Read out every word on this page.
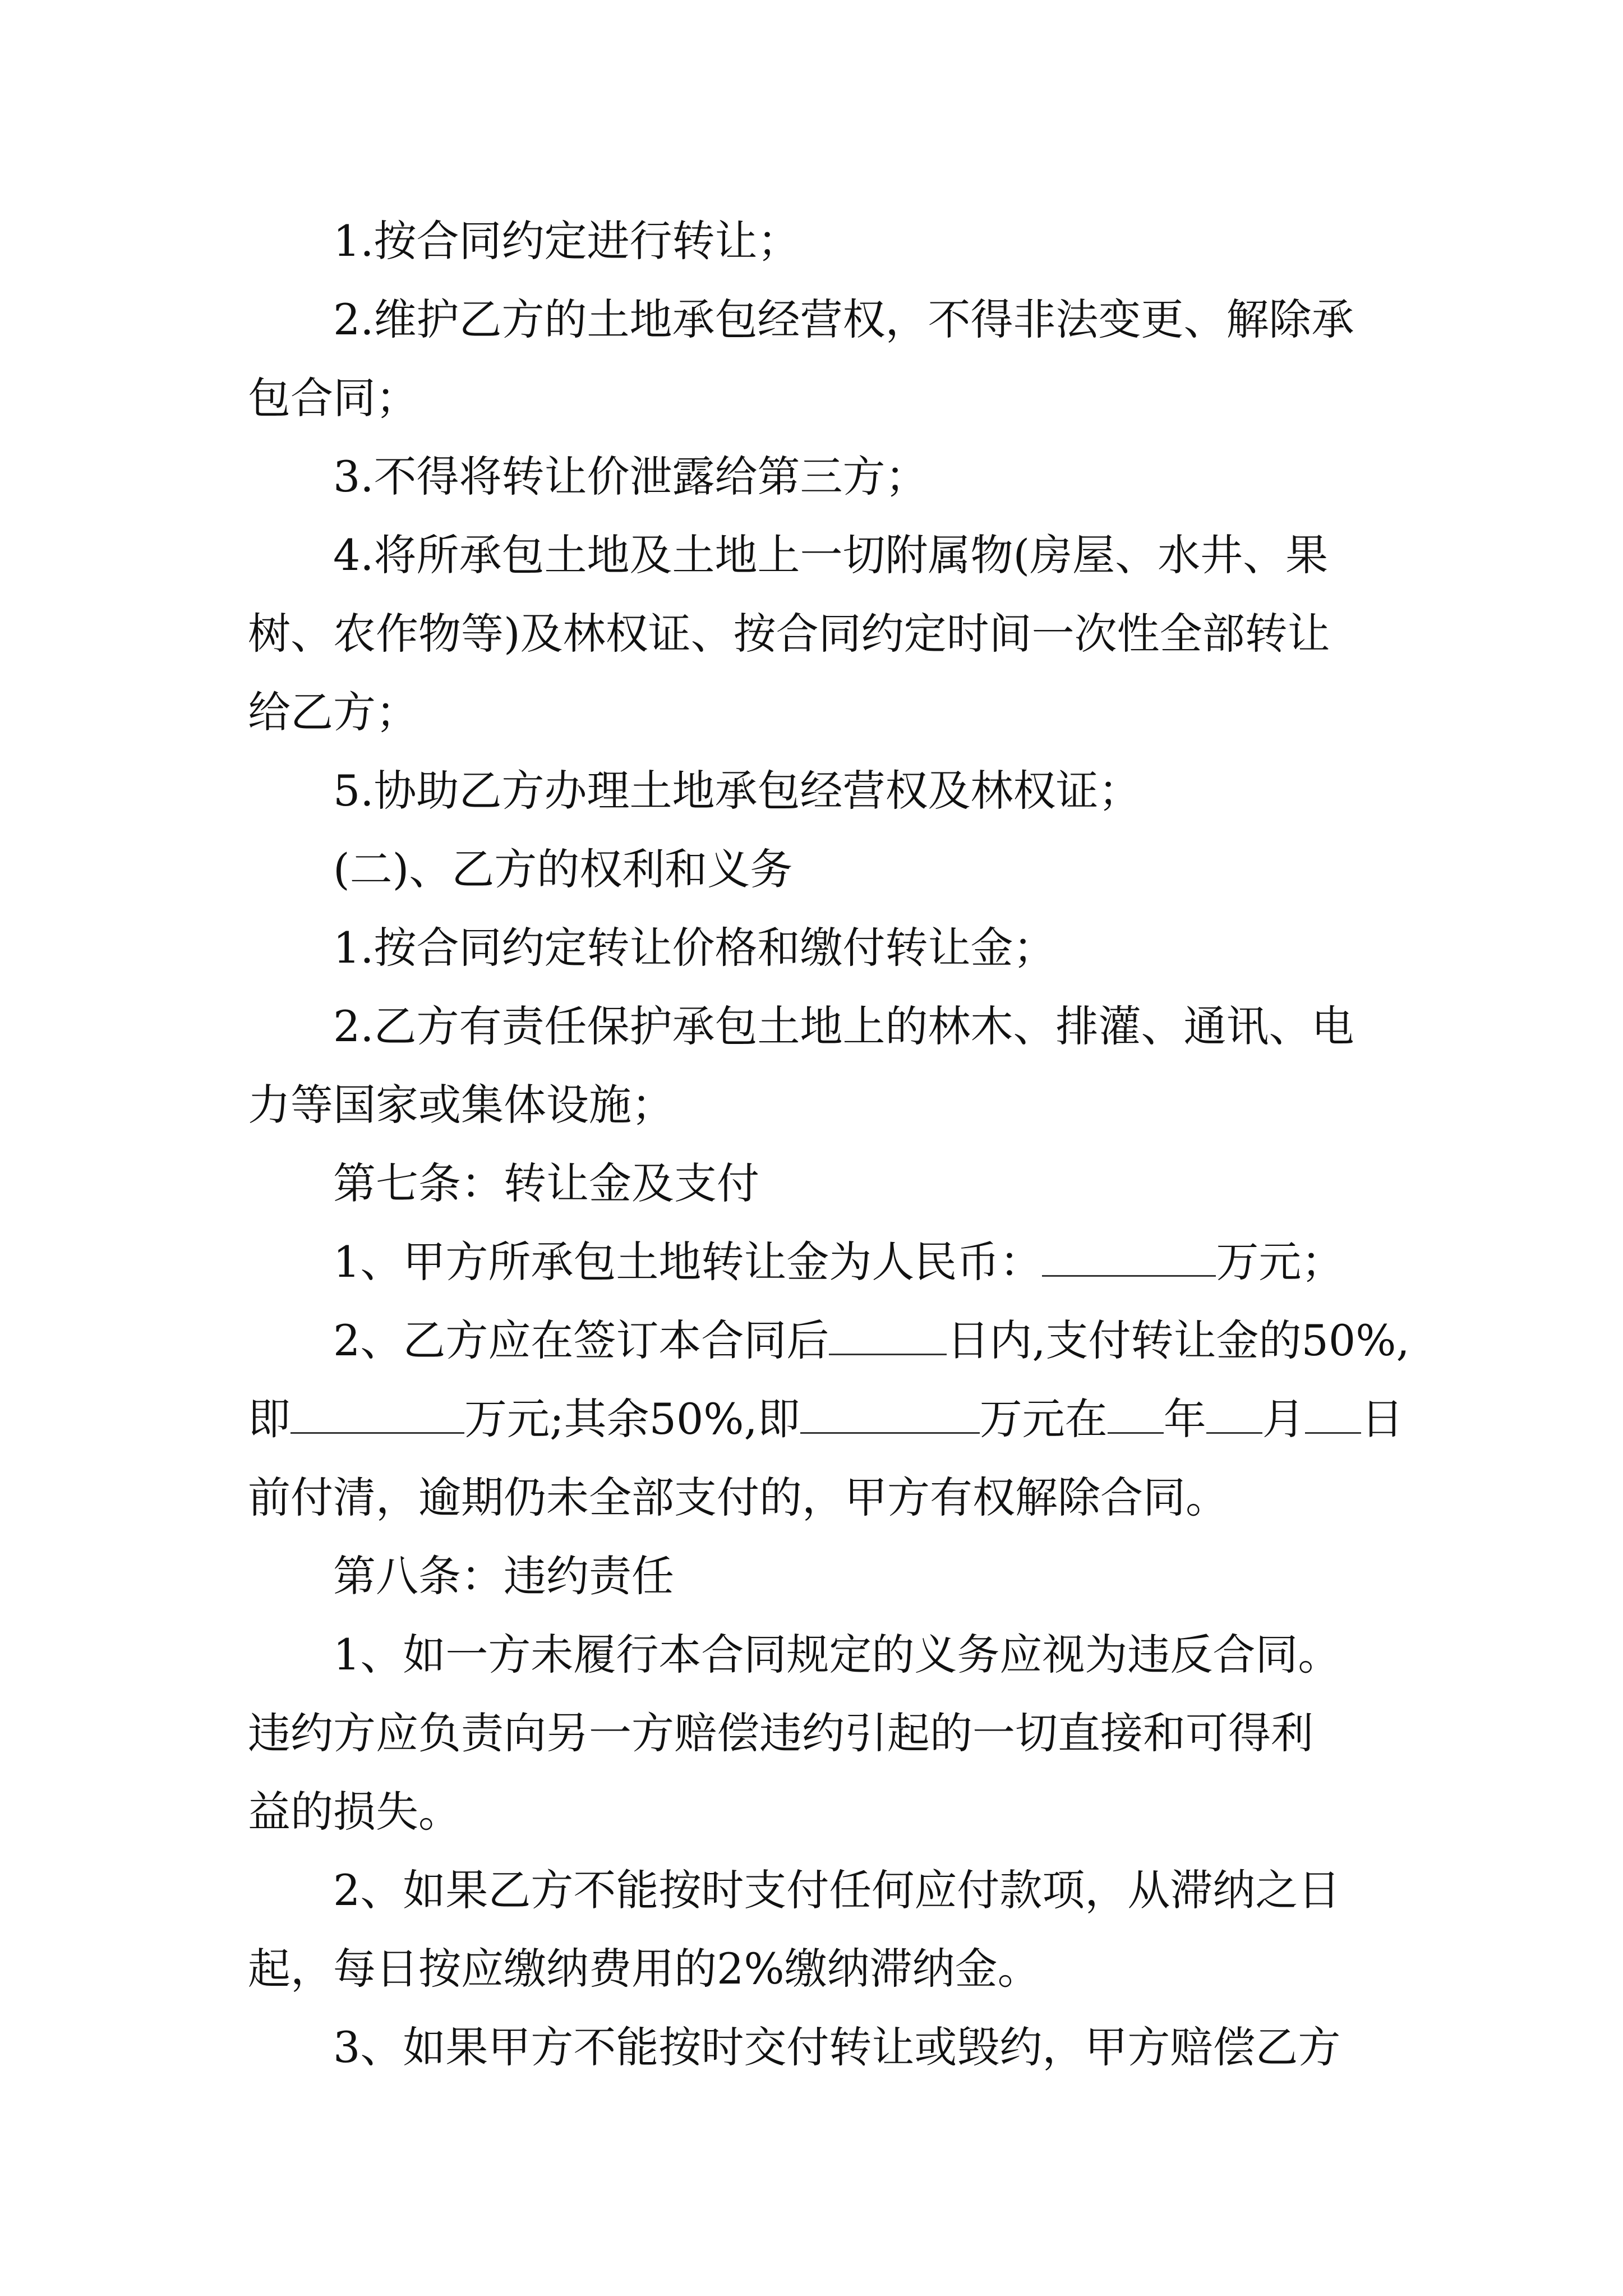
1.按合同约定进行转让；
2.维护乙方的土地承包经营权，不得非法变更、解除承
包合同；
3.不得将转让价泄露给第三方；
4.将所承包土地及土地上一切附属物(房屋、水井、果
树、农作物等)及林权证、按合同约定时间一次性全部转让
给乙方；
5.协助乙方办理土地承包经营权及林权证；
(二)、乙方的权利和义务
1.按合同约定转让价格和缴付转让金；
2.乙方有责任保护承包土地上的林木、排灌、通讯、电
力等国家或集体设施；
第七条：转让金及支付
1、甲方所承包土地转让金为人民币：	万元；
2、乙方应在签订本合同后	日内,支付转让金的50%,
即	万元;其余50%,即	万元在 年 月 日
前付清，逾期仍未全部支付的，甲方有权解除合同。
第八条：违约责任
1、如一方未履行本合同规定的义务应视为违反合同。
违约方应负责向另一方赔偿违约引起的一切直接和可得利
益的损失。
2、如果乙方不能按时支付任何应付款项，从滞纳之日
起，每日按应缴纳费用的2%缴纳滞纳金。
3、如果甲方不能按时交付转让或毁约，甲方赔偿乙方
